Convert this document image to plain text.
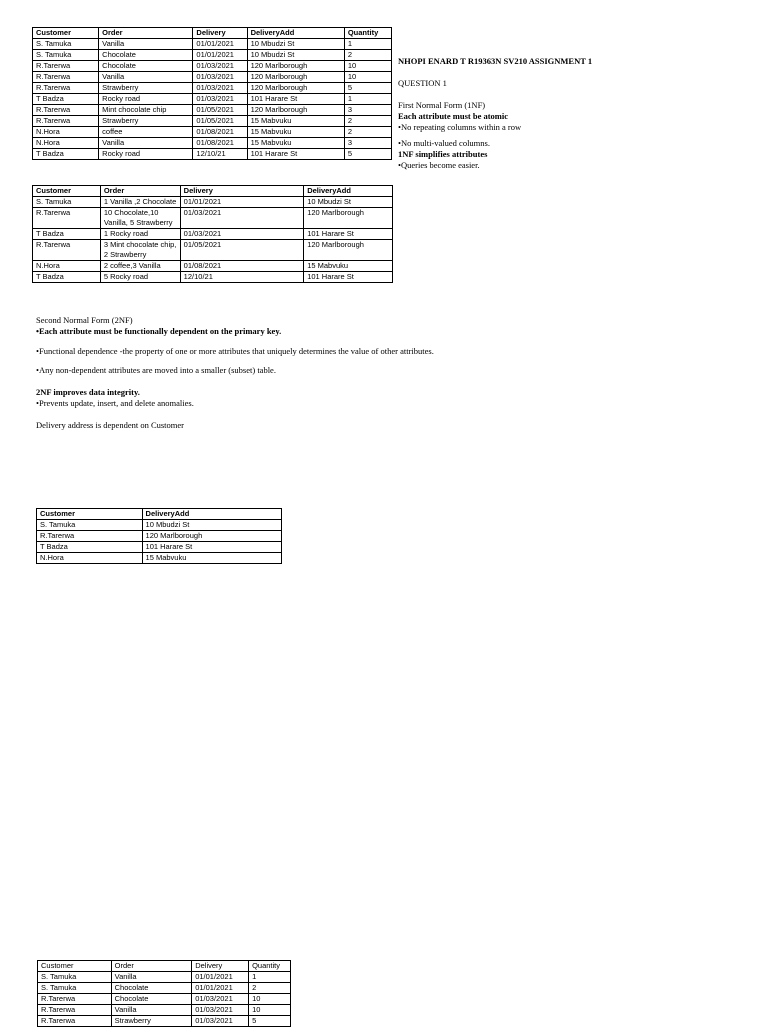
Customer	Order	Delivery	DeliveryAdd	Quantity
S. Tamuka	Vanilla	01/01/2021	10 Mbudzi St	1
S. Tamuka	Chocolate	01/01/2021	10 Mbudzi St	2
R.Tarerwa	Chocolate	01/03/2021	120 Marlborough	10
R.Tarerwa	Vanilla	01/03/2021	120 Marlborough	10
R.Tarerwa	Strawberry	01/03/2021	120 Marlborough	5
T Badza	Rocky road	01/03/2021	101 Harare St	1
R.Tarerwa	Mint chocolate chip	01/05/2021	120 Marlborough	3
R.Tarerwa	Strawberry	01/05/2021	15 Mabvuku	2
N.Hora	coffee	01/08/2021	15 Mabvuku	2
N.Hora	Vanilla	01/08/2021	15 Mabvuku	3
T Badza	Rocky road	12/10/21	101 Harare St	5
NHOPI ENARD T R19363N SV210 ASSIGNMENT 1
QUESTION 1
First Normal Form (1NF)
Each attribute must be atomic
•No repeating columns within a row
•No multi-valued columns.
1NF simplifies attributes
•Queries become easier.
Customer	Order	Delivery	DeliveryAdd
S. Tamuka	1 Vanilla ,2 Chocolate	01/01/2021	10 Mbudzi St
R.Tarerwa	10 Chocolate,10 Vanilla, 5 Strawberry	01/03/2021	120 Marlborough
T Badza	1 Rocky road	01/03/2021	101 Harare St
R.Tarerwa	3 Mint chocolate chip, 2 Strawberry	01/05/2021	120 Marlborough
N.Hora	2 coffee,3 Vanilla	01/08/2021	15 Mabvuku
T Badza	5 Rocky road	12/10/21	101 Harare St
Second Normal Form (2NF)
•Each attribute must be functionally dependent on the primary key.
•Functional dependence -the property of one or more attributes that uniquely determines the value of other attributes.
•Any non-dependent attributes are moved into a smaller (subset) table.
2NF improves data integrity.
•Prevents update, insert, and delete anomalies.
Delivery address is dependent on Customer
Customer	DeliveryAdd
S. Tamuka	10 Mbudzi St
R.Tarerwa	120 Marlborough
T Badza	101 Harare St
N.Hora	15 Mabvuku
Customer	Order	Delivery	Quantity
S. Tamuka	Vanilla	01/01/2021	1
S. Tamuka	Chocolate	01/01/2021	2
R.Tarerwa	Chocolate	01/03/2021	10
R.Tarerwa	Vanilla	01/03/2021	10
R.Tarerwa	Strawberry	01/03/2021	5
